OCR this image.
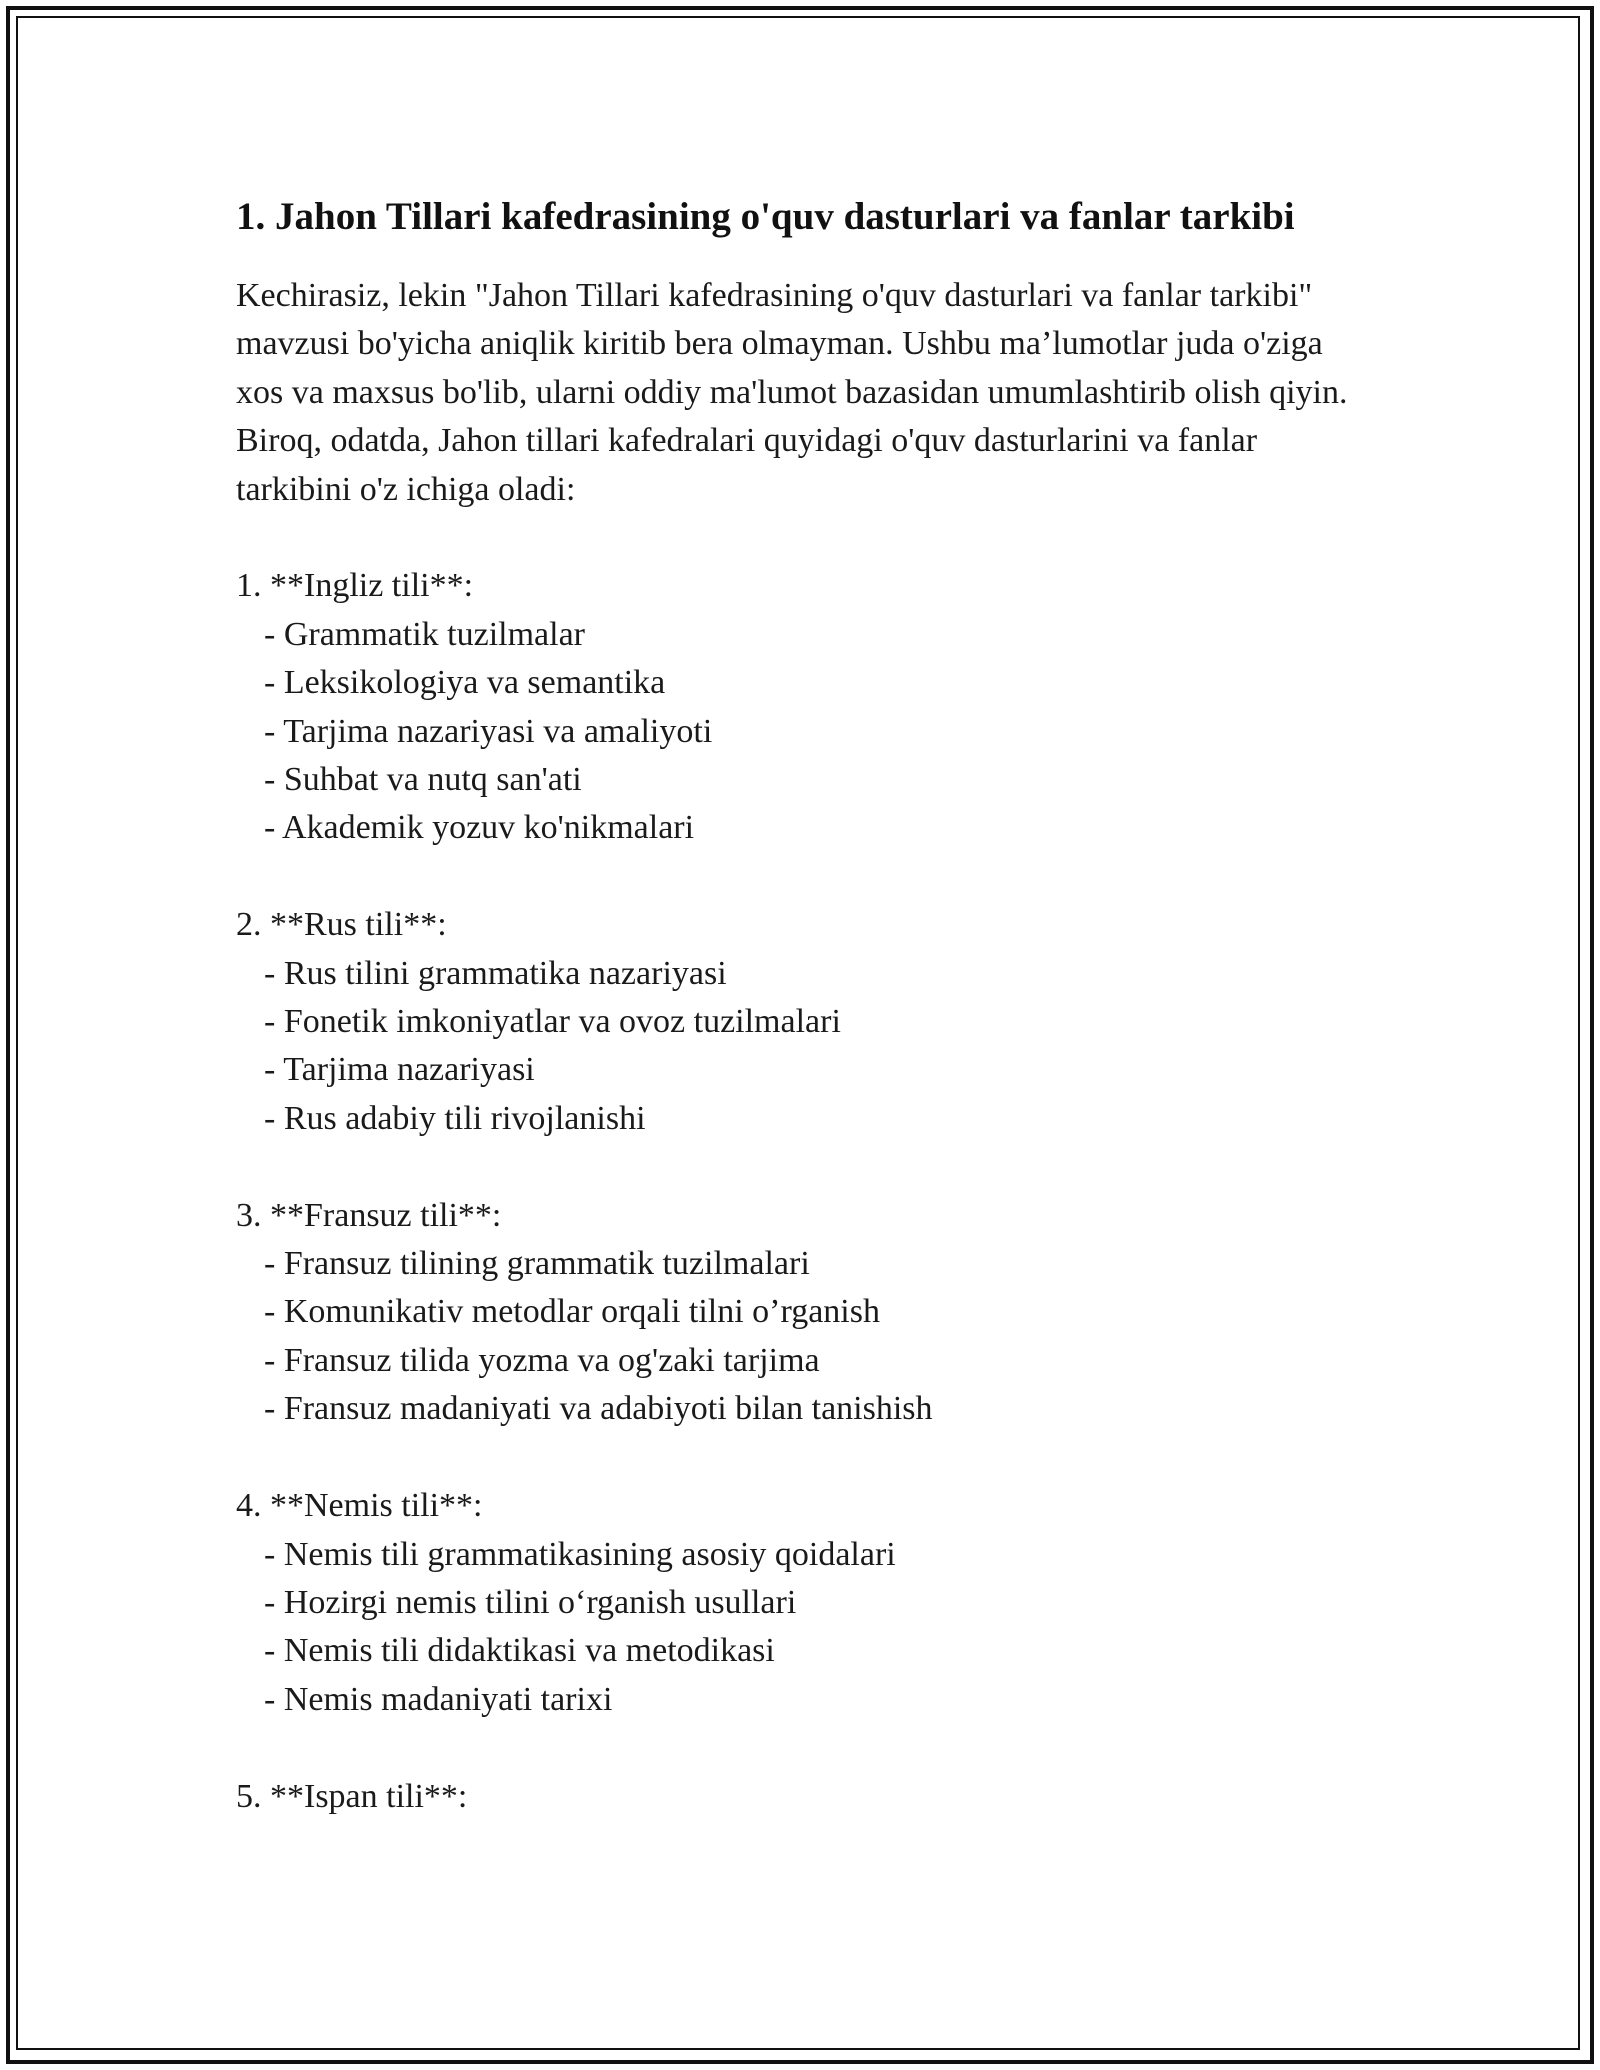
1. Jahon Tillari kafedrasining o'quv dasturlari va fanlar tarkibi

Kechirasiz, lekin "Jahon Tillari kafedrasining o'quv dasturlari va fanlar tarkibi" mavzusi bo'yicha aniqlik kiritib bera olmayman. Ushbu ma’lumotlar juda o'ziga xos va maxsus bo'lib, ularni oddiy ma'lumot bazasidan umumlashtirib olish qiyin. Biroq, odatda, Jahon tillari kafedralari quyidagi o'quv dasturlarini va fanlar tarkibini o'z ichiga oladi:

1. **Ingliz tili**:
- Grammatik tuzilmalar
- Leksikologiya va semantika
- Tarjima nazariyasi va amaliyoti
- Suhbat va nutq san'ati
- Akademik yozuv ko'nikmalari
2. **Rus tili**:
- Rus tilini grammatika nazariyasi
- Fonetik imkoniyatlar va ovoz tuzilmalari
- Tarjima nazariyasi
- Rus adabiy tili rivojlanishi
3. **Fransuz tili**:
- Fransuz tilining grammatik tuzilmalari
- Komunikativ metodlar orqali tilni o’rganish
- Fransuz tilida yozma va og'zaki tarjima
- Fransuz madaniyati va adabiyoti bilan tanishish
4. **Nemis tili**:
- Nemis tili grammatikasining asosiy qoidalari
- Hozirgi nemis tilini o‘rganish usullari
- Nemis tili didaktikasi va metodikasi
- Nemis madaniyati tarixi
5. **Ispan tili**:
